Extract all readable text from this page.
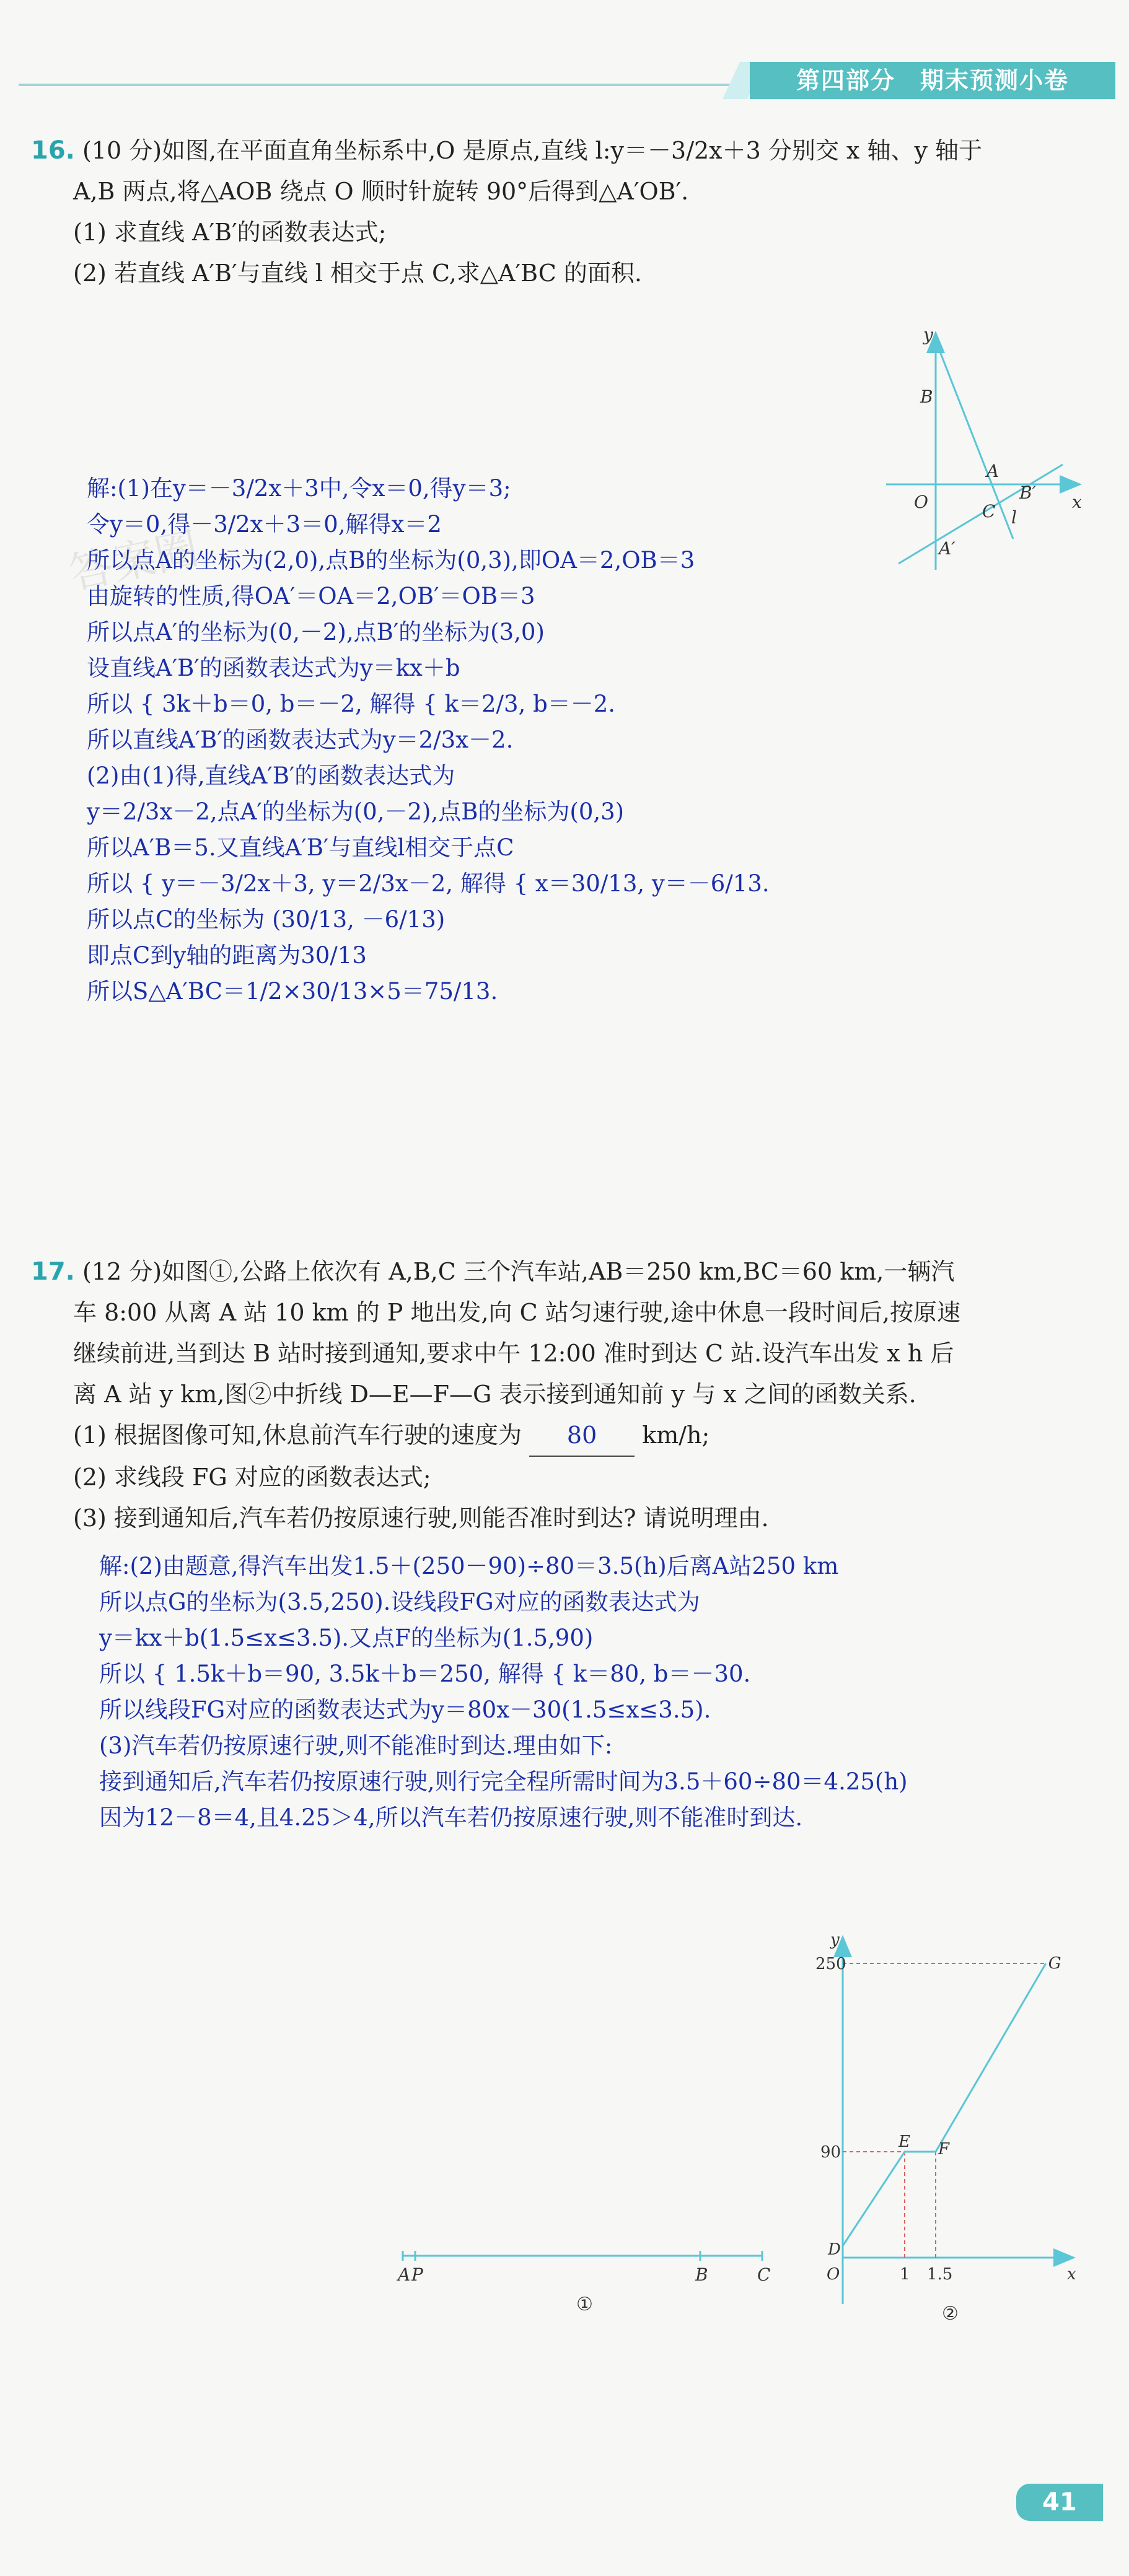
第四部分　期末预测小卷
答案圈
16. (10 分)如图,在平面直角坐标系中,O 是原点,直线 l:y＝－3/2x＋3 分别交 x 轴、y 轴于
A,B 两点,将△AOB 绕点 O 顺时针旋转 90°后得到△A′OB′.
(1) 求直线 A′B′的函数表达式;
(2) 若直线 A′B′与直线 l 相交于点 C,求△A′BC 的面积.
y
x
O
A
B
B′
C l
A′
解:(1)在y＝－3/2x＋3中,令x＝0,得y＝3;
令y＝0,得－3/2x＋3＝0,解得x＝2
所以点A的坐标为(2,0),点B的坐标为(0,3),即OA＝2,OB＝3
由旋转的性质,得OA′＝OA＝2,OB′＝OB＝3
所以点A′的坐标为(0,－2),点B′的坐标为(3,0)
设直线A′B′的函数表达式为y＝kx＋b
所以 { 3k＋b＝0, b＝－2, 解得 { k＝2/3, b＝－2.
所以直线A′B′的函数表达式为y＝2/3x－2.
(2)由(1)得,直线A′B′的函数表达式为
y＝2/3x－2,点A′的坐标为(0,－2),点B的坐标为(0,3)
所以A′B＝5.又直线A′B′与直线l相交于点C
所以 { y＝－3/2x＋3, y＝2/3x－2, 解得 { x＝30/13, y＝－6/13.
所以点C的坐标为 (30/13, －6/13)
即点C到y轴的距离为30/13
所以S△A′BC＝1/2×30/13×5＝75/13.
17. (12 分)如图①,公路上依次有 A,B,C 三个汽车站,AB＝250 km,BC＝60 km,一辆汽
车 8:00 从离 A 站 10 km 的 P 地出发,向 C 站匀速行驶,途中休息一段时间后,按原速
继续前进,当到达 B 站时接到通知,要求中午 12:00 准时到达 C 站.设汽车出发 x h 后
离 A 站 y km,图②中折线 D—E—F—G 表示接到通知前 y 与 x 之间的函数关系.
(1) 根据图像可知,休息前汽车行驶的速度为 80 km/h;
(2) 求线段 FG 对应的函数表达式;
(3) 接到通知后,汽车若仍按原速行驶,则能否准时到达? 请说明理由.
解:(2)由题意,得汽车出发1.5＋(250－90)÷80＝3.5(h)后离A站250 km
所以点G的坐标为(3.5,250).设线段FG对应的函数表达式为
y＝kx＋b(1.5≤x≤3.5).又点F的坐标为(1.5,90)
所以 { 1.5k＋b＝90, 3.5k＋b＝250, 解得 { k＝80, b＝－30.
所以线段FG对应的函数表达式为y＝80x－30(1.5≤x≤3.5).
(3)汽车若仍按原速行驶,则不能准时到达.理由如下:
接到通知后,汽车若仍按原速行驶,则行完全程所需时间为3.5＋60÷80＝4.25(h)
因为12－8＝4,且4.25＞4,所以汽车若仍按原速行驶,则不能准时到达.
A P	B	C
①
250
90
1 1.5
y
x
O
D
E F
G
②
41
